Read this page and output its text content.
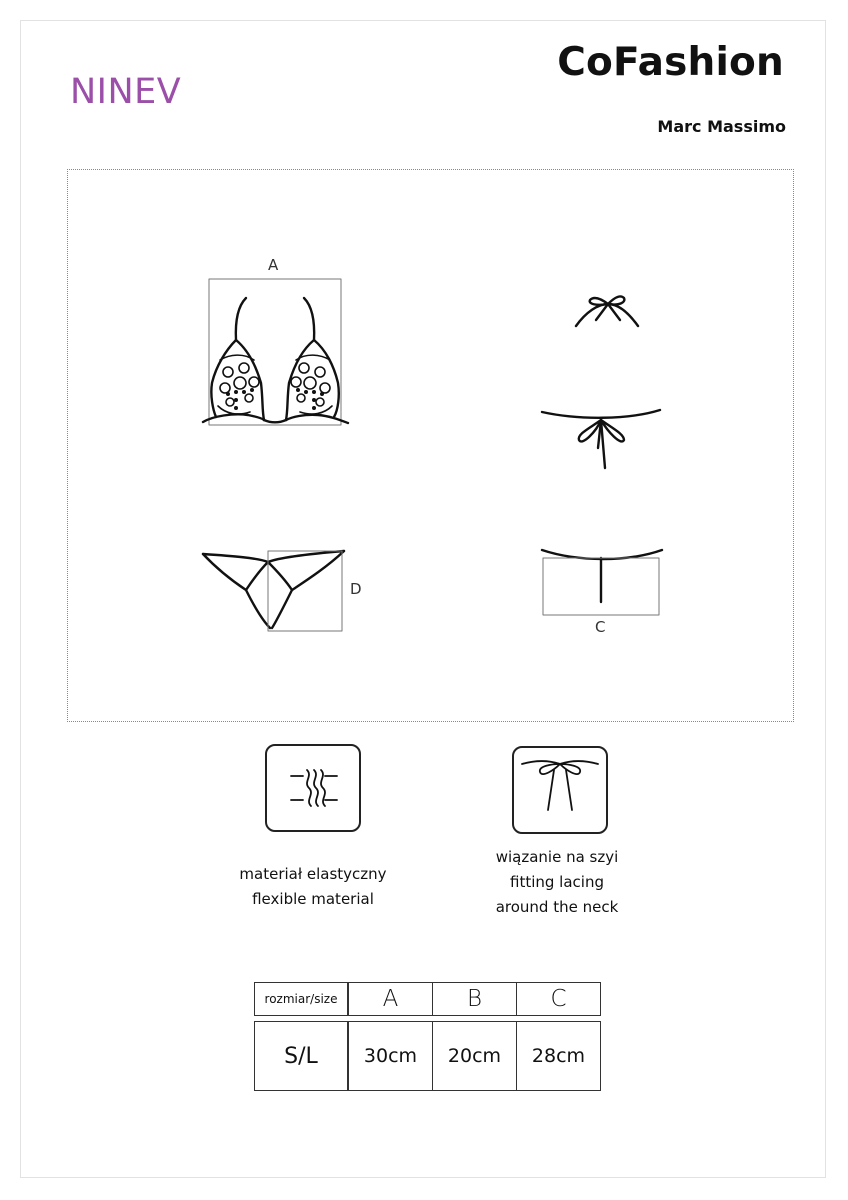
NINEV
CoFashion
Marc Massimo
A
D
C
materiał elastyczny
flexible material
wiązanie na szyi
fitting lacing
around the neck
rozmiar/size	A	B	C
S/L	30cm	20cm	28cm
